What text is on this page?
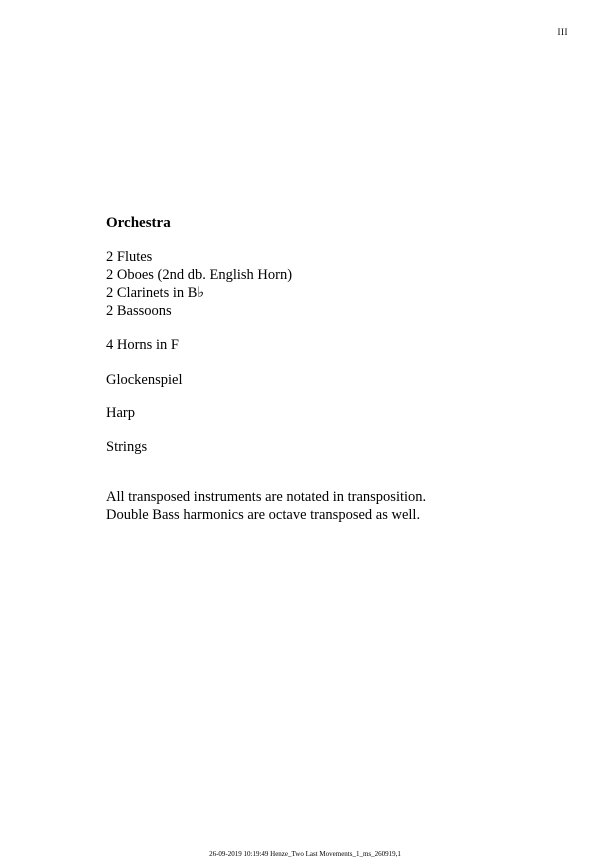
III
Orchestra
2 Flutes
2 Oboes (2nd db. English Horn)
2 Clarinets in B♭
2 Bassoons
4 Horns in F
Glockenspiel
Harp
Strings
All transposed instruments are notated in transposition.
Double Bass harmonics are octave transposed as well.
26-09-2019 10:19:49 Henze_Two Last Movements_1_ms_260919,1
